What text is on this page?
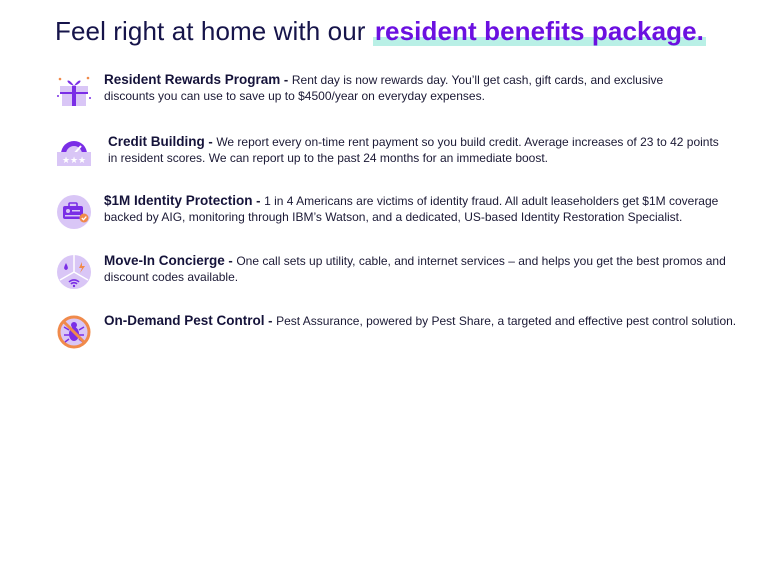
Feel right at home with our resident benefits package.
Resident Rewards Program - Rent day is now rewards day. You’ll get cash, gift cards, and exclusive discounts you can use to save up to $4500/year on everyday expenses.
★ ★ ★
Credit Building - We report every on-time rent payment so you build credit. Average increases of 23 to 42 points in resident scores. We can report up to the past 24 months for an immediate boost.
$1M Identity Protection - 1 in 4 Americans are victims of identity fraud. All adult leaseholders get $1M coverage backed by AIG, monitoring through IBM’s Watson, and a dedicated, US-based Identity Restoration Specialist.
Move-In Concierge - One call sets up utility, cable, and internet services – and helps you get the best promos and discount codes available.
On-Demand Pest Control - Pest Assurance, powered by Pest Share, a targeted and effective pest control solution.
